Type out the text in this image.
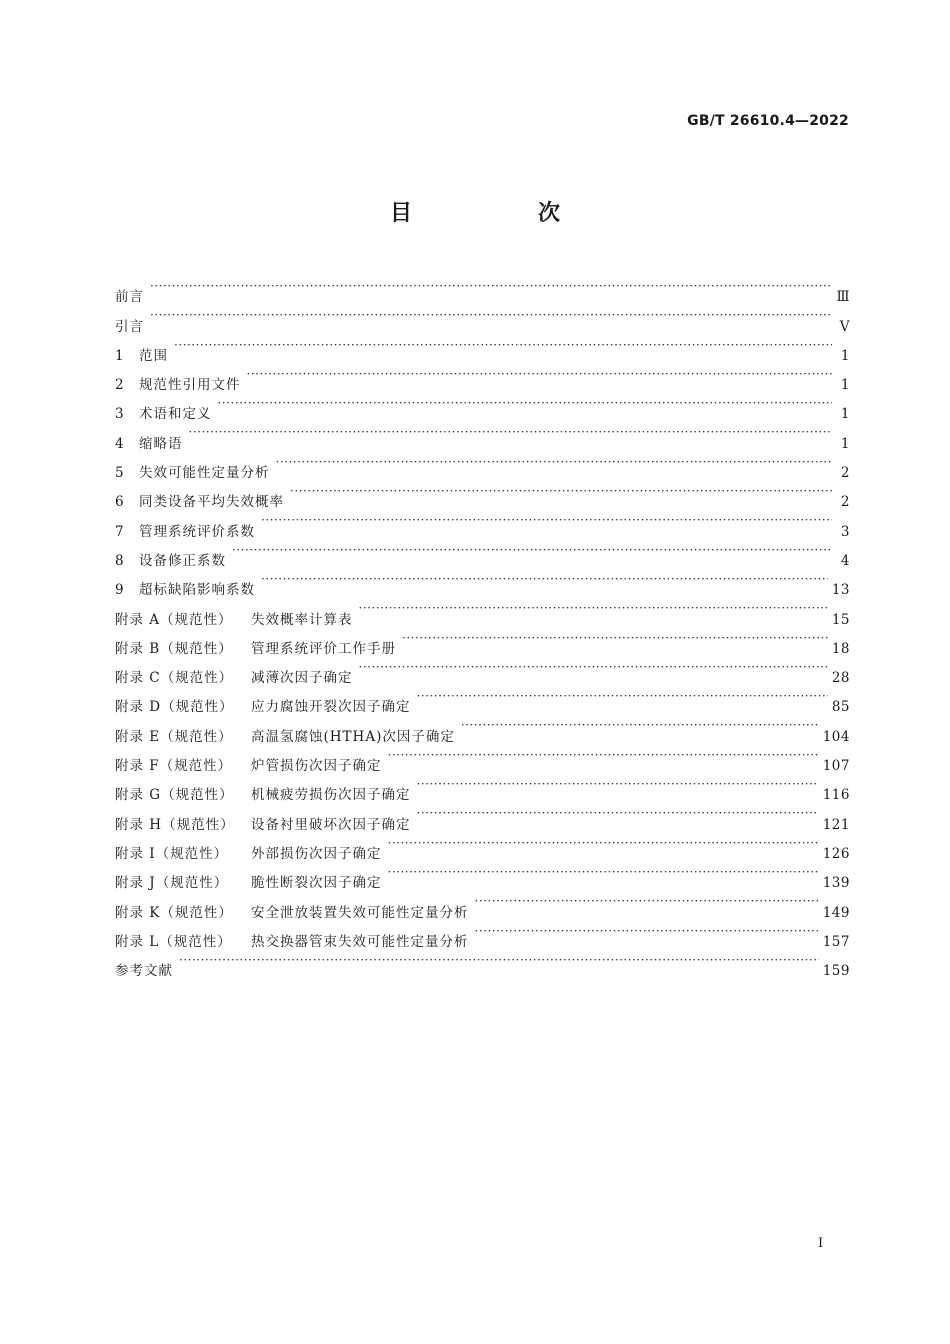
GB/T 26610.4—2022
目　次
前言 ·····	Ⅲ
引言 ·····	Ⅴ
1 范围 ·····	1
2 规范性引用文件 ·····	1
3 术语和定义 ·····	1
4 缩略语 ·····	1
5 失效可能性定量分析 ·····	2
6 同类设备平均失效概率 ·····	2
7 管理系统评价系数 ·····	3
8 设备修正系数 ·····	4
9 超标缺陷影响系数 ·····	13
附录 A（规范性） 失效概率计算表 ·····	15
附录 B（规范性） 管理系统评价工作手册 ·····	18
附录 C（规范性） 减薄次因子确定 ·····	28
附录 D（规范性） 应力腐蚀开裂次因子确定 ·····	85
附录 E（规范性） 高温氢腐蚀(HTHA)次因子确定 ·····	104
附录 F（规范性） 炉管损伤次因子确定 ·····	107
附录 G（规范性） 机械疲劳损伤次因子确定 ·····	116
附录 H（规范性） 设备衬里破坏次因子确定 ·····	121
附录 I（规范性） 外部损伤次因子确定 ·····	126
附录 J（规范性） 脆性断裂次因子确定 ·····	139
附录 K（规范性） 安全泄放装置失效可能性定量分析 ·····	149
附录 L（规范性） 热交换器管束失效可能性定量分析 ·····	157
参考文献 ·····	159
Ⅰ
